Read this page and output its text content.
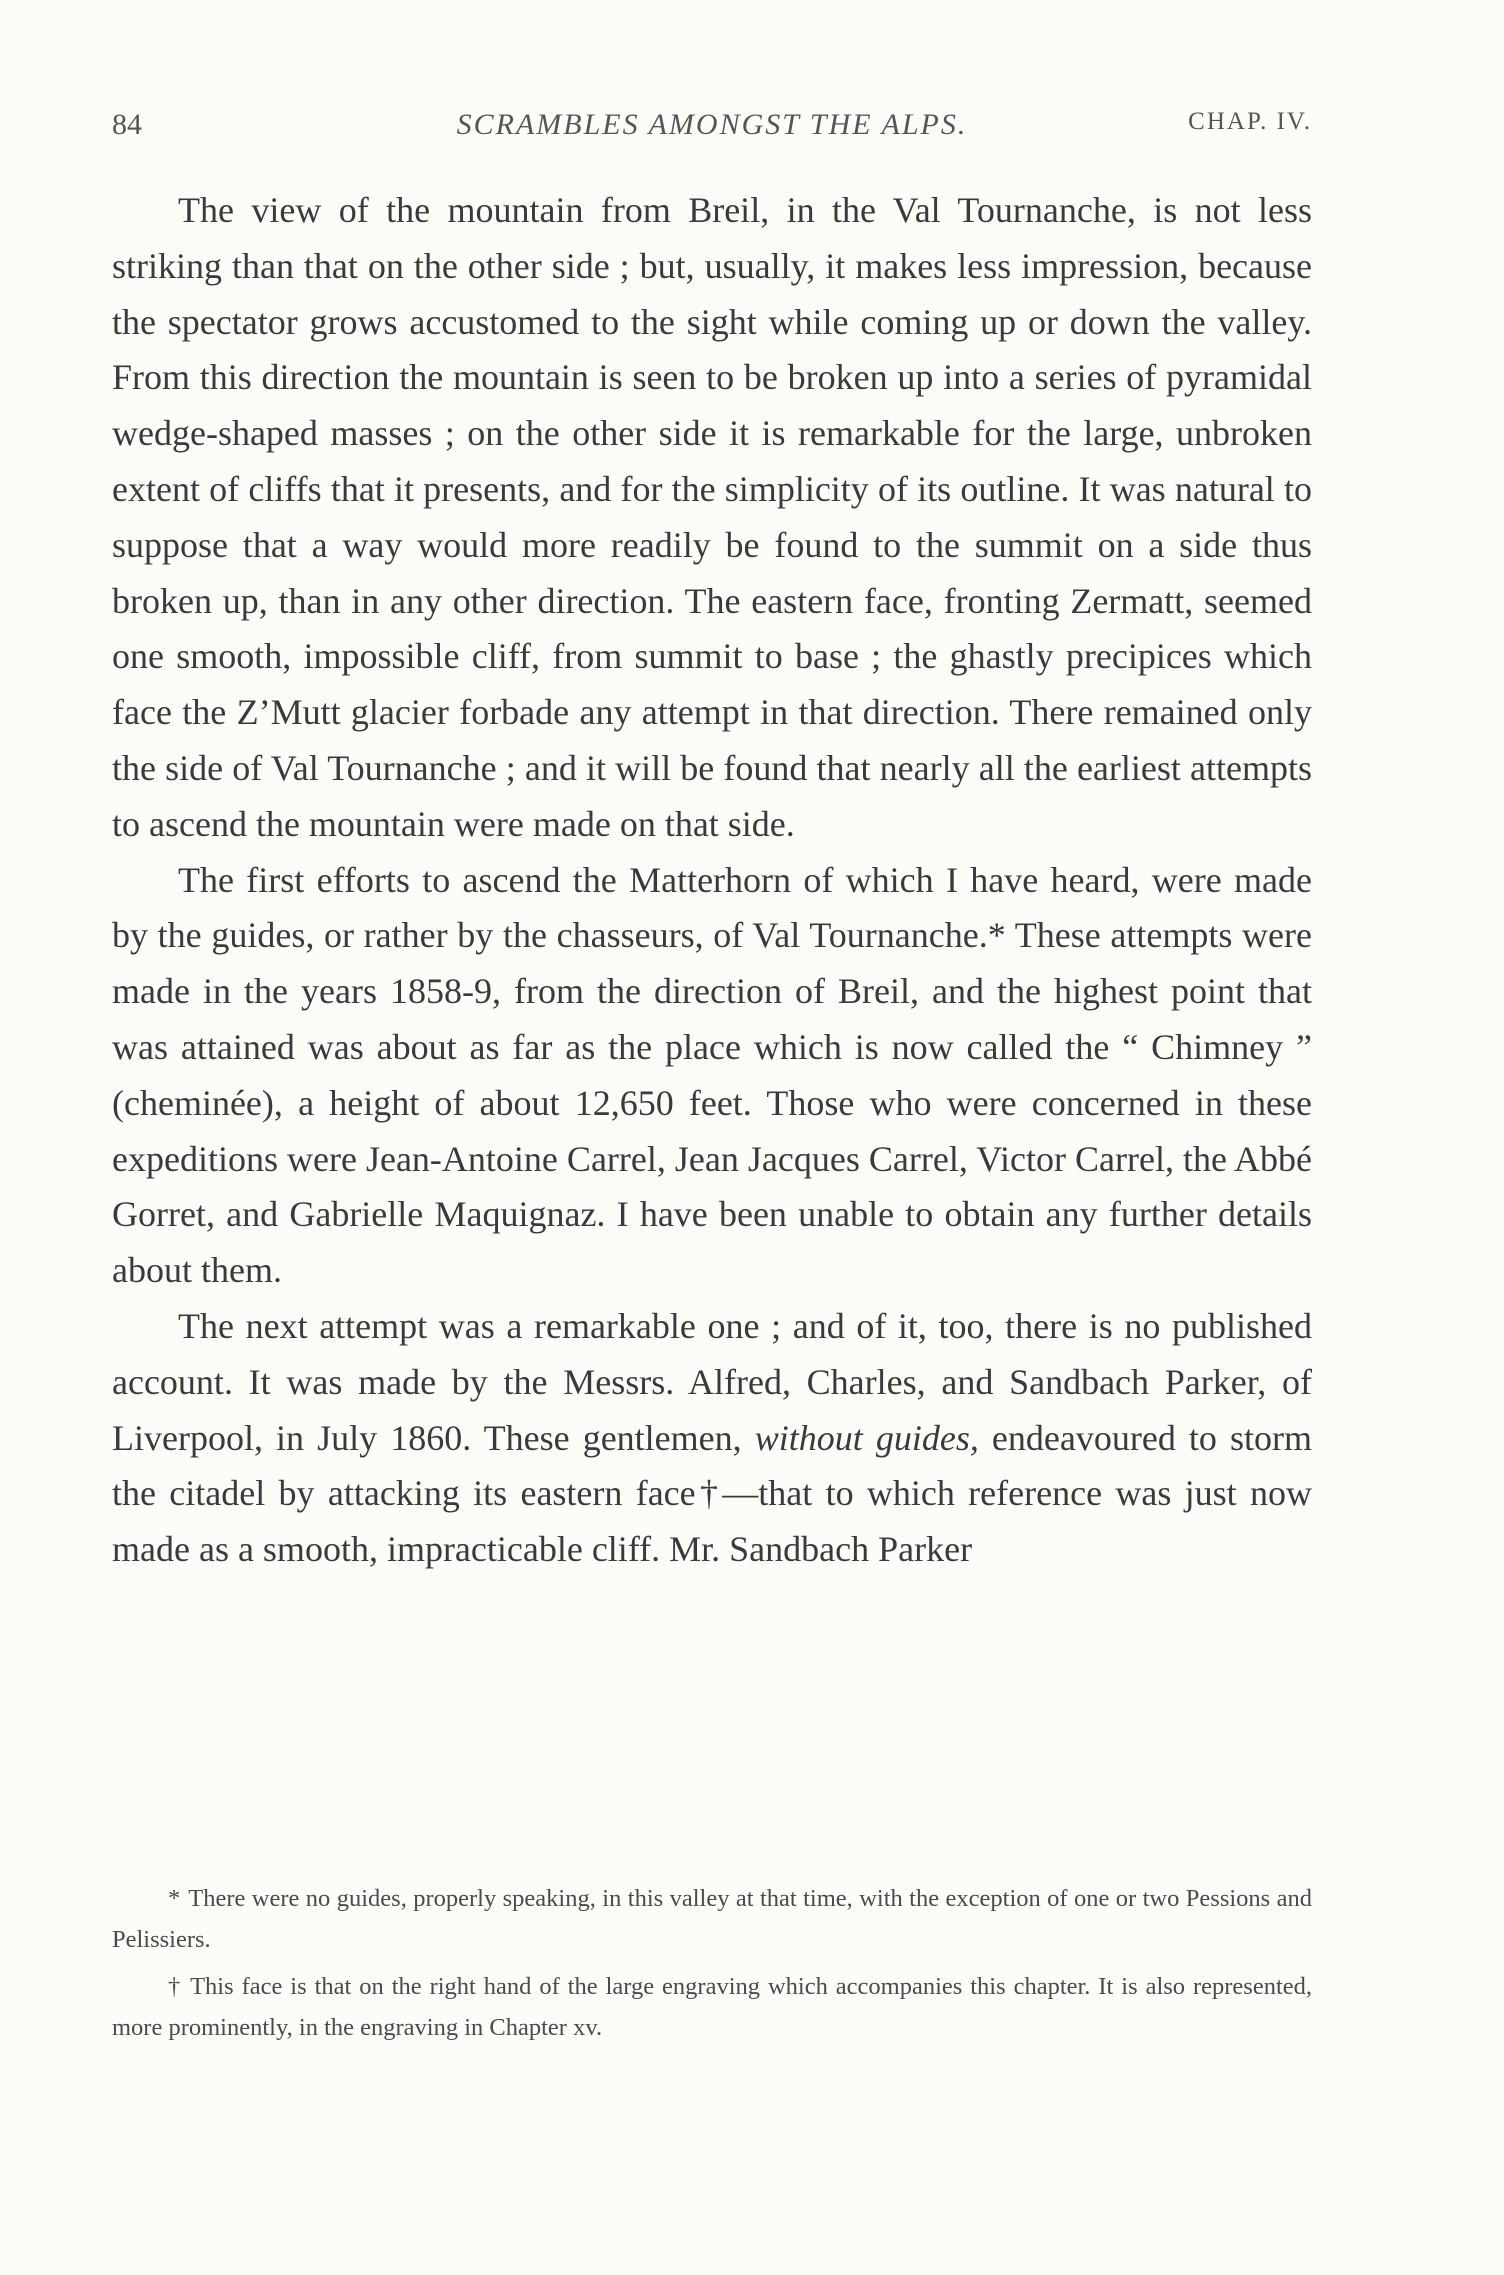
84	SCRAMBLES AMONGST THE ALPS.	CHAP. IV.

The view of the mountain from Breil, in the Val Tournanche, is not less striking than that on the other side ; but, usually, it makes less impression, because the spectator grows accustomed to the sight while coming up or down the valley. From this direction the mountain is seen to be broken up into a series of pyramidal wedge-shaped masses ; on the other side it is remarkable for the large, unbroken extent of cliffs that it presents, and for the simplicity of its outline. It was natural to suppose that a way would more readily be found to the summit on a side thus broken up, than in any other direction. The eastern face, fronting Zermatt, seemed one smooth, impossible cliff, from summit to base ; the ghastly precipices which face the Z’Mutt glacier forbade any attempt in that direction. There remained only the side of Val Tournanche ; and it will be found that nearly all the earliest attempts to ascend the mountain were made on that side.

The first efforts to ascend the Matterhorn of which I have heard, were made by the guides, or rather by the chasseurs, of Val Tournanche.* These attempts were made in the years 1858-9, from the direction of Breil, and the highest point that was attained was about as far as the place which is now called the “ Chimney ” (cheminée), a height of about 12,650 feet. Those who were concerned in these expeditions were Jean-Antoine Carrel, Jean Jacques Carrel, Victor Carrel, the Abbé Gorret, and Gabrielle Maquignaz. I have been unable to obtain any further details about them.

The next attempt was a remarkable one ; and of it, too, there is no published account. It was made by the Messrs. Alfred, Charles, and Sandbach Parker, of Liverpool, in July 1860. These gentlemen, without guides, endeavoured to storm the citadel by attacking its eastern face†—that to which reference was just now made as a smooth, impracticable cliff. Mr. Sandbach Parker

* There were no guides, properly speaking, in this valley at that time, with the exception of one or two Pessions and Pelissiers.

† This face is that on the right hand of the large engraving which accompanies this chapter. It is also represented, more prominently, in the engraving in Chapter xv.
